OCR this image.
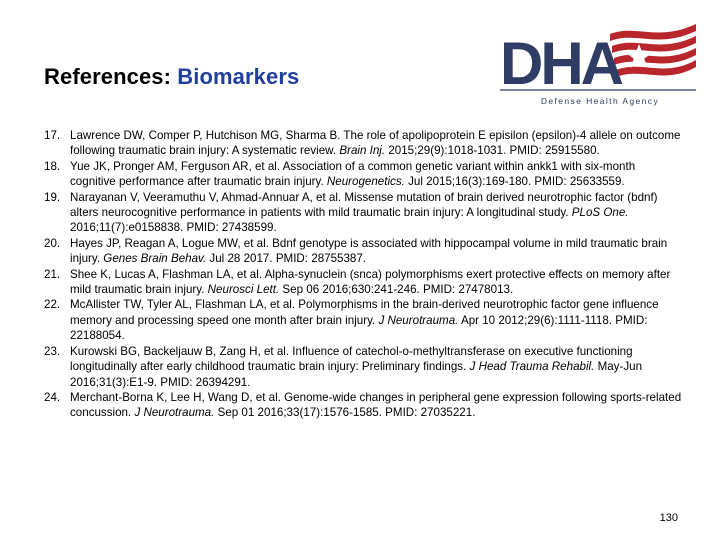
References: Biomarkers	DHA
Defense Health Agency
17. Lawrence DW, Comper P, Hutchison MG, Sharma B. The role of apolipoprotein E episilon (epsilon)-4 allele on outcome following traumatic brain injury: A systematic review. Brain Inj. 2015;29(9):1018-1031. PMID: 25915580.
18. Yue JK, Pronger AM, Ferguson AR, et al. Association of a common genetic variant within ankk1 with six-month cognitive performance after traumatic brain injury. Neurogenetics. Jul 2015;16(3):169-180. PMID: 25633559.
19. Narayanan V, Veeramuthu V, Ahmad-Annuar A, et al. Missense mutation of brain derived neurotrophic factor (bdnf) alters neurocognitive performance in patients with mild traumatic brain injury: A longitudinal study. PLoS One. 2016;11(7):e0158838. PMID: 27438599.
20. Hayes JP, Reagan A, Logue MW, et al. Bdnf genotype is associated with hippocampal volume in mild traumatic brain injury. Genes Brain Behav. Jul 28 2017. PMID: 28755387.
21. Shee K, Lucas A, Flashman LA, et al. Alpha-synuclein (snca) polymorphisms exert protective effects on memory after mild traumatic brain injury. Neurosci Lett. Sep 06 2016;630:241-246. PMID: 27478013.
22. McAllister TW, Tyler AL, Flashman LA, et al. Polymorphisms in the brain-derived neurotrophic factor gene influence memory and processing speed one month after brain injury. J Neurotrauma. Apr 10 2012;29(6):1111-1118. PMID: 22188054.
23. Kurowski BG, Backeljauw B, Zang H, et al. Influence of catechol-o-methyltransferase on executive functioning longitudinally after early childhood traumatic brain injury: Preliminary findings. J Head Trauma Rehabil. May-Jun 2016;31(3):E1-9. PMID: 26394291.
24. Merchant-Borna K, Lee H, Wang D, et al. Genome-wide changes in peripheral gene expression following sports-related concussion. J Neurotrauma. Sep 01 2016;33(17):1576-1585. PMID: 27035221.
130
